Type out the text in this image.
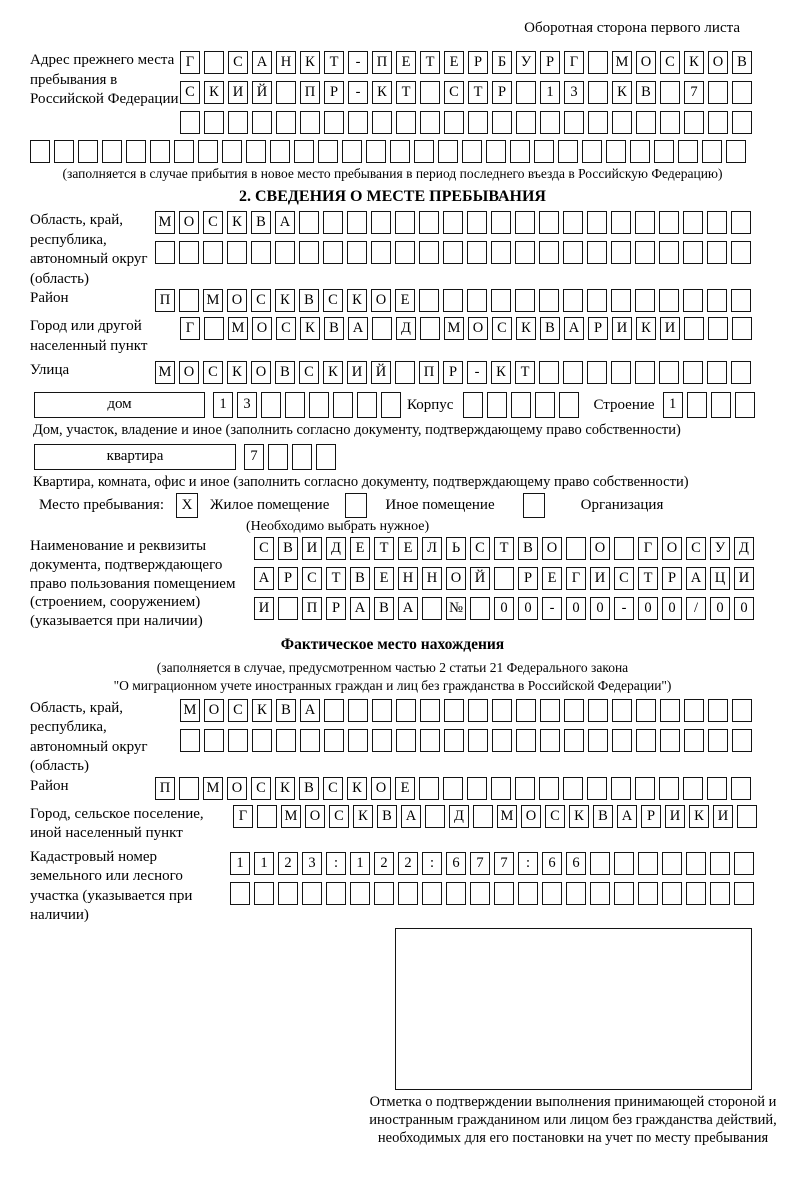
Оборотная сторона первого листа
Адрес прежнего места пребывания в Российской Федерации
Г	С А Н К Т - П Е Т Е Р Б У Р Г	М О С К О В
С К И Й	П Р - К Т	С Т Р	1 3	К В	7
(заполняется в случае прибытия в новое место пребывания в период последнего въезда в Российскую Федерацию)
2. СВЕДЕНИЯ О МЕСТЕ ПРЕБЫВАНИЯ
Область, край, республика, автономный округ (область)
М О С К В А
Район	П	М О С К В С К О Е
Город или другой населенный пункт
Г	М О С К В А	Д	М О С К В А Р И К И
Улица	М О С К О В С К И Й	П Р - К Т
дом	1 3	Корпус	Строение 1
Дом, участок, владение и иное (заполнить согласно документу, подтверждающему право собственности)
квартира	7
Квартира, комната, офис и иное (заполнить согласно документу, подтверждающему право собственности)
Место пребывания:	X	Жилое помещение	Иное помещение	Организация
(Необходимо выбрать нужное)
Наименование и реквизиты документа, подтверждающего право пользования помещением (строением, сооружением) (указывается при наличии)
С В И Д Е Т Е Л Ь С Т В О	О	Г О С У Д
А Р С Т В Е Н Н О Й	Р Е Г И С Т Р А Ц И
И	П Р А В А №	0 0 - 0 0 - 0 0 / 0 0
Фактическое место нахождения
(заполняется в случае, предусмотренном частью 2 статьи 21 Федерального закона
"О миграционном учете иностранных граждан и лиц без гражданства в Российской Федерации")
Область, край, республика, автономный округ (область)
М О С К В А
Район	П	М О С К В С К О Е
Город, сельское поселение, иной населенный пункт
Г	М О С К В А	Д	М О С К В А Р И К И
Кадастровый номер земельного или лесного участка (указывается при наличии)
1 1 2 3 : 1 2 2 : 6 7 7 : 6 6
Отметка о подтверждении выполнения принимающей стороной и иностранным гражданином или лицом без гражданства действий, необходимых для его постановки на учет по месту пребывания
